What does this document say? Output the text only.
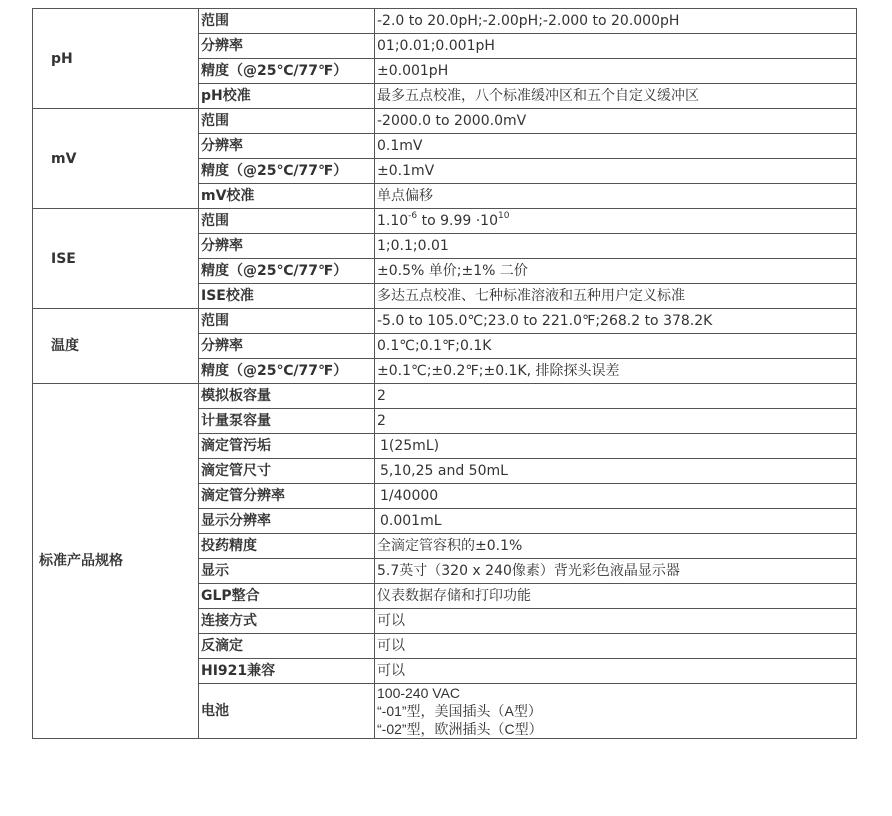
pH	范围	-2.0 to 20.0pH;-2.00pH;-2.000 to 20.000pH
	分辨率	01;0.01;0.001pH
	精度（@25℃/77℉）	±0.001pH
	pH校准	最多五点校准，八个标准缓冲区和五个自定义缓冲区
mV	范围	-2000.0 to 2000.0mV
	分辨率	0.1mV
	精度（@25℃/77℉）	±0.1mV
	mV校准	单点偏移
ISE	范围	$1.10^{-6}$ to $9.99 \cdot 10^{10}$
	分辨率	1;0.1;0.01
	精度（@25℃/77℉）	±0.5% 单价;±1% 二价
	ISE校准	多达五点校准、七种标准溶液和五种用户定义标准
温度	范围	-5.0 to 105.0℃;23.0 to 221.0℉;268.2 to 378.2K
	分辨率	0.1℃;0.1℉;0.1K
	精度（@25℃/77℉）	±0.1℃;±0.2℉;±0.1K, 排除探头误差
标准产品规格	模拟板容量	2
	计量泵容量	2
	滴定管污垢	1(25mL)
	滴定管尺寸	5,10,25 and 50mL
	滴定管分辨率	1/40000
	显示分辨率	0.001mL
	投药精度	全滴定管容积的±0.1%
	显示	5.7英寸（320 x 240像素）背光彩色液晶显示器
	GLP整合	仪表数据存储和打印功能
	连接方式	可以
	反滴定	可以
	HI921兼容	可以
	电池	100-240 VAC
“-01”型，美国插头（A型）
“-02”型，欧洲插头（C型）
